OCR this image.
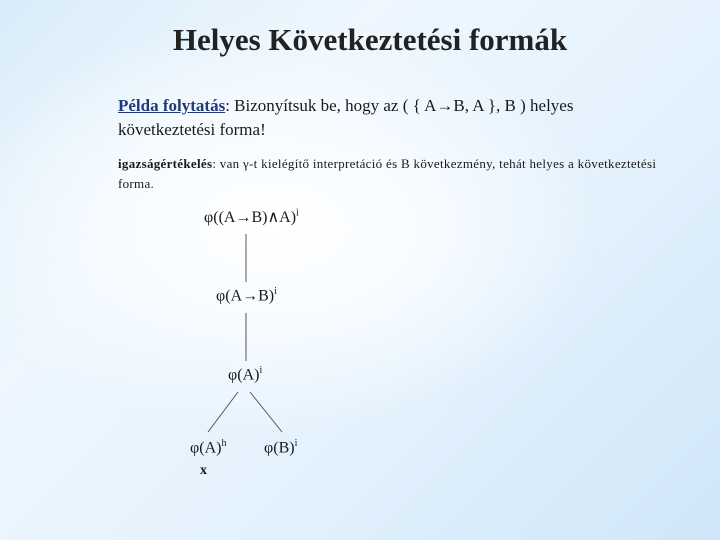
Helyes Következtetési formák
Példa folytatás: Bizonyítsuk be, hogy az ( { A→B, A }, B ) helyes következtetési forma!
igazságértékelés: van γ-t kielégítő interpretáció és B következmény, tehát helyes a következtetési forma.
φ((A→B)∧A)$^i$
$\varphi(A\to B)^i$
$\varphi(A)^i$
$\varphi(A)^h$ $\varphi(B)^i$
x
